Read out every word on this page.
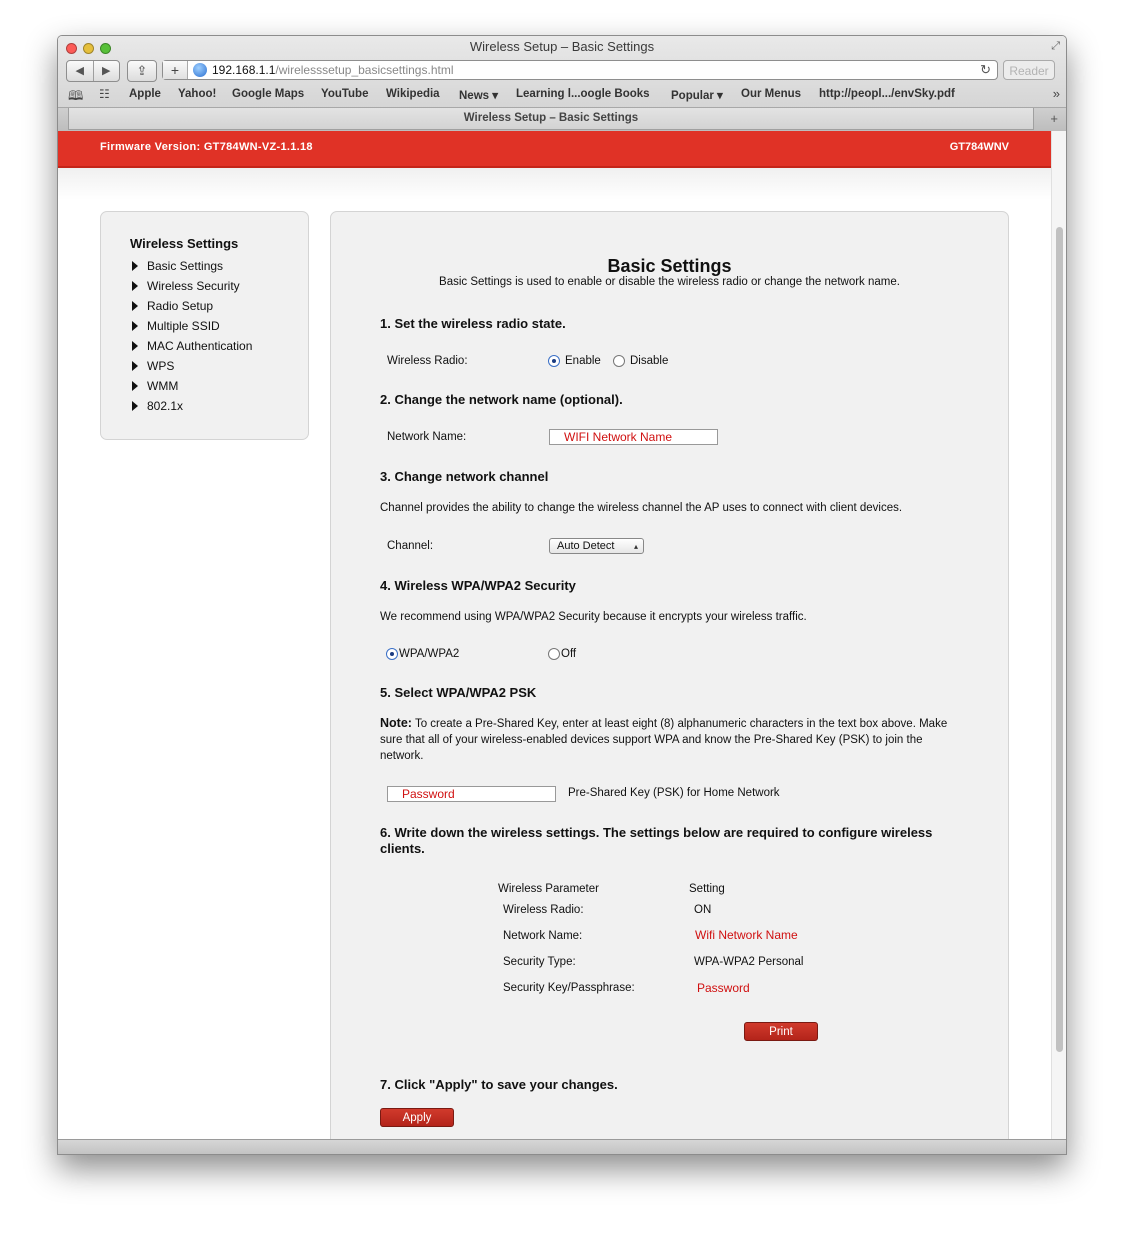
Wireless Setup – Basic Settings	⤢
◀	▶	⇪	+	192.168.1.1/wirelesssetup_basicsettings.html	↻	Reader
🕮 ☷ Apple Yahoo! Google Maps YouTube Wikipedia News ▾ Learning l...oogle Books Popular ▾ Our Menus http://peopl.../envSky.pdf	»
Wireless Setup – Basic Settings	+
Firmware Version: GT784WN-VZ-1.1.18	GT784WNV
Wireless Settings
Basic Settings
Wireless Security
Radio Setup
Multiple SSID
MAC Authentication
WPS
WMM
802.1x
Basic Settings
Basic Settings is used to enable or disable the wireless radio or change the network name.
1. Set the wireless radio state.
Wireless Radio:	Enable	Disable
2. Change the network name (optional).
Network Name:	WIFI Network Name
3. Change network channel
Channel provides the ability to change the wireless channel the AP uses to connect with client devices.
Channel:	Auto Detect ▴

4. Wireless WPA/WPA2 Security
We recommend using WPA/WPA2 Security because it encrypts your wireless traffic.
WPA/WPA2	Off
5. Select WPA/WPA2 PSK
Note: To create a Pre-Shared Key, enter at least eight (8) alphanumeric characters in the text box above. Make sure that all of your wireless-enabled devices support WPA and know the Pre-Shared Key (PSK) to join the network.
Password	Pre-Shared Key (PSK) for Home Network
6. Write down the wireless settings. The settings below are required to configure wireless clients.
Wireless Parameter	Setting
Wireless Radio:	ON
Network Name:	Wifi Network Name
Security Type:	WPA-WPA2 Personal
Security Key/Passphrase:	Password
Print
7. Click "Apply" to save your changes.
Apply
